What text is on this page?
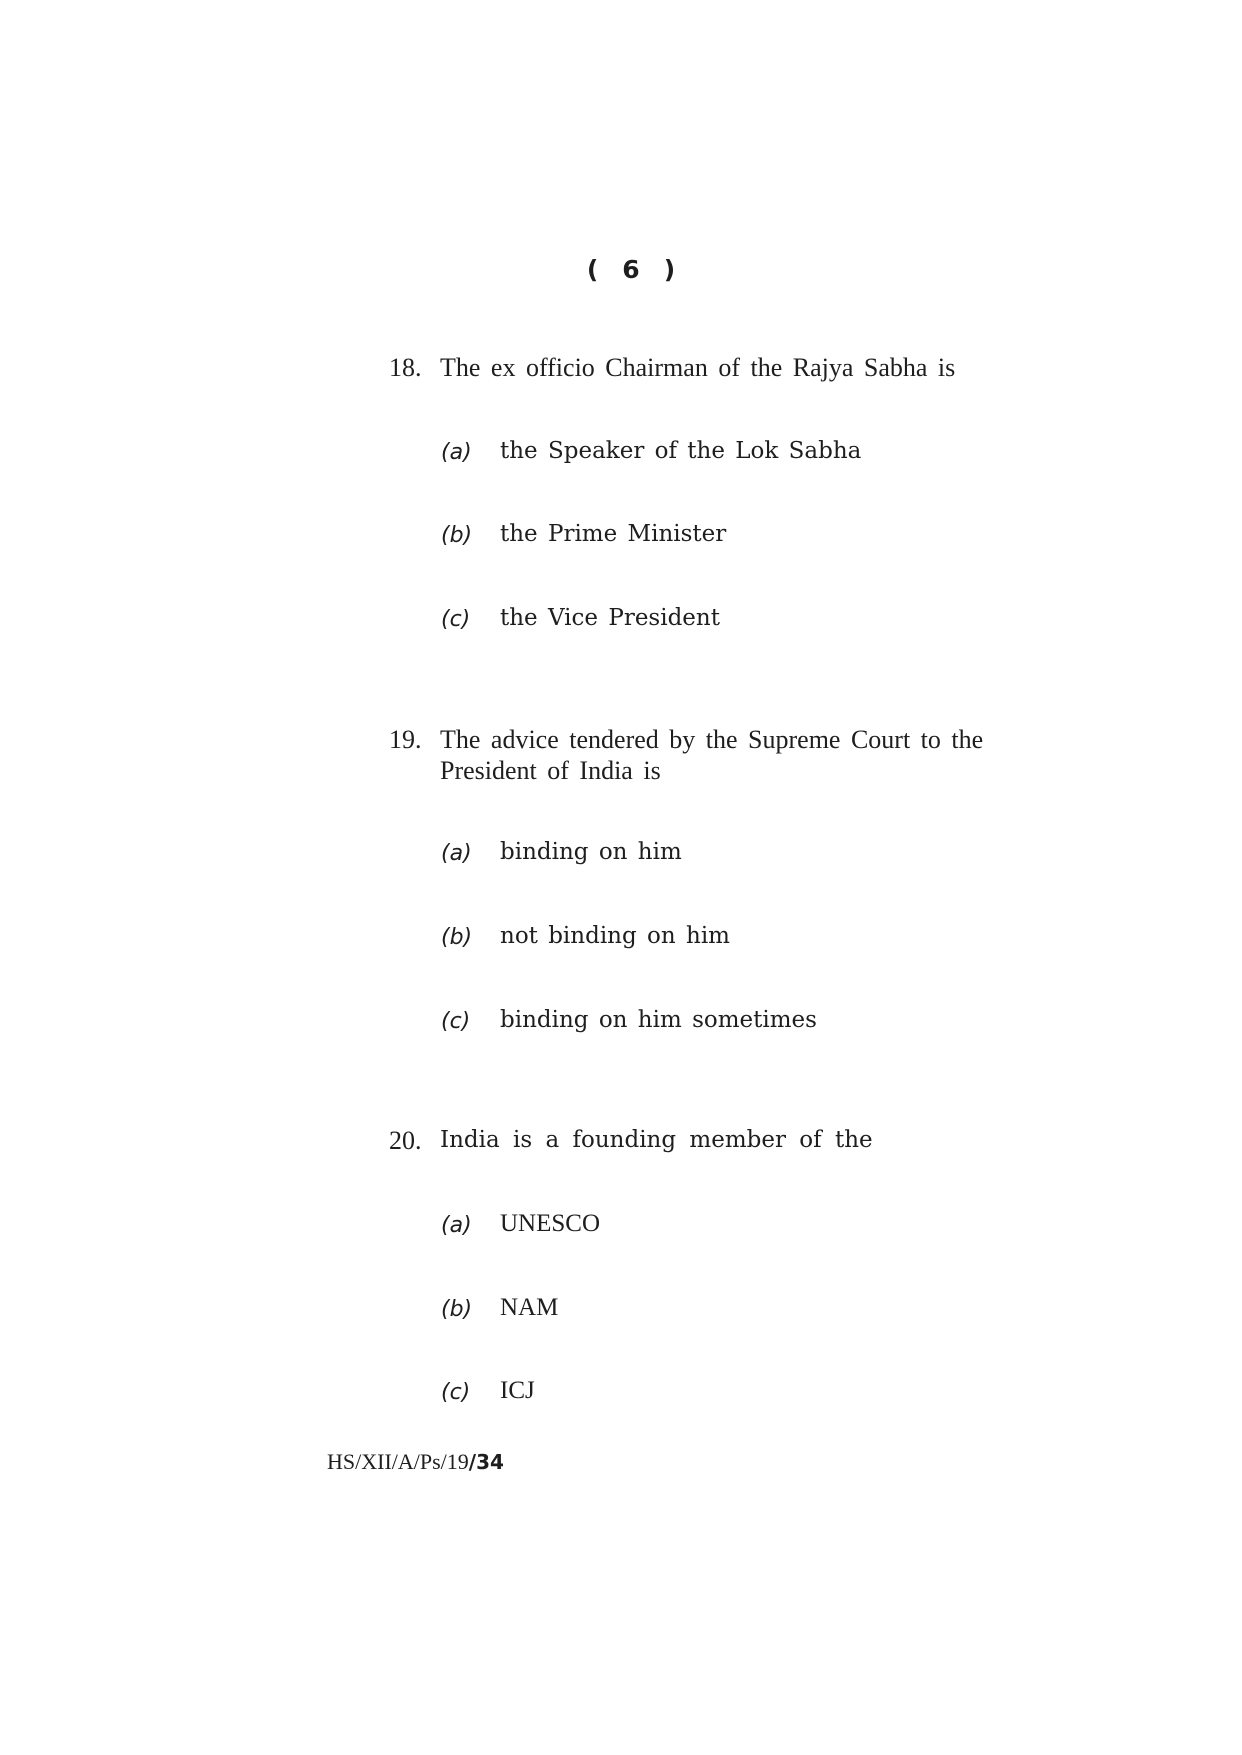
( 6 )
18. The ex officio Chairman of the Rajya Sabha is
(a) the Speaker of the Lok Sabha
(b) the Prime Minister
(c) the Vice President
19. The advice tendered by the Supreme Court to the President of India is
(a) binding on him
(b) not binding on him
(c) binding on him sometimes
20. India is a founding member of the
(a) UNESCO
(b) NAM
(c) ICJ
HS/XII/A/Ps/19/34
